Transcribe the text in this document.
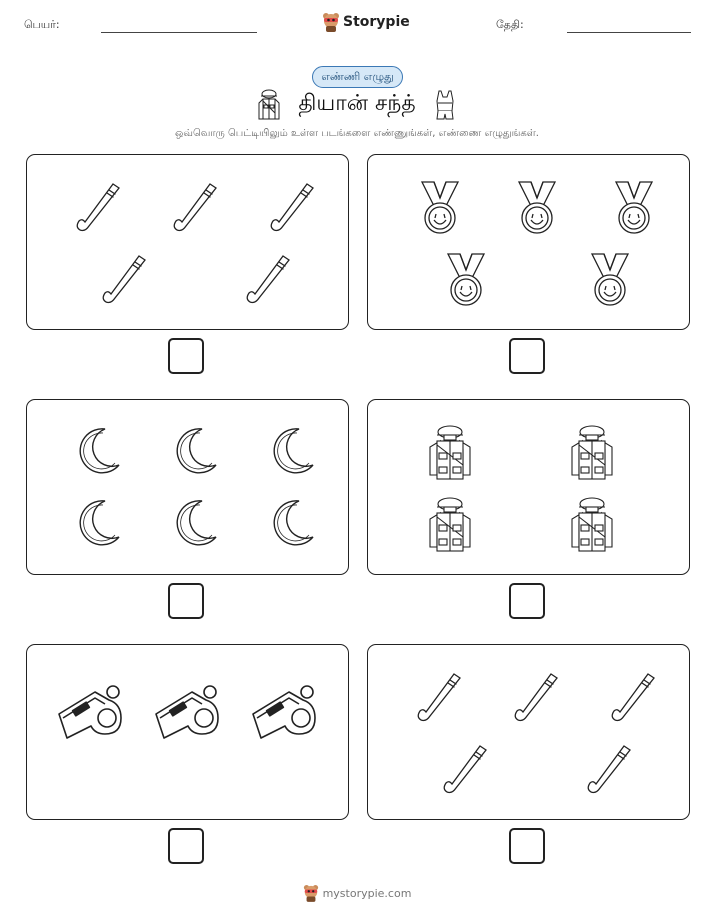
பெயர்:	Storypie	தேதி:
எண்ணி எழுது
தியான் சந்த்
ஒவ்வொரு பெட்டியிலும் உள்ள படங்களை எண்ணுங்கள், எண்ணை எழுதுங்கள்.
mystorypie.com
